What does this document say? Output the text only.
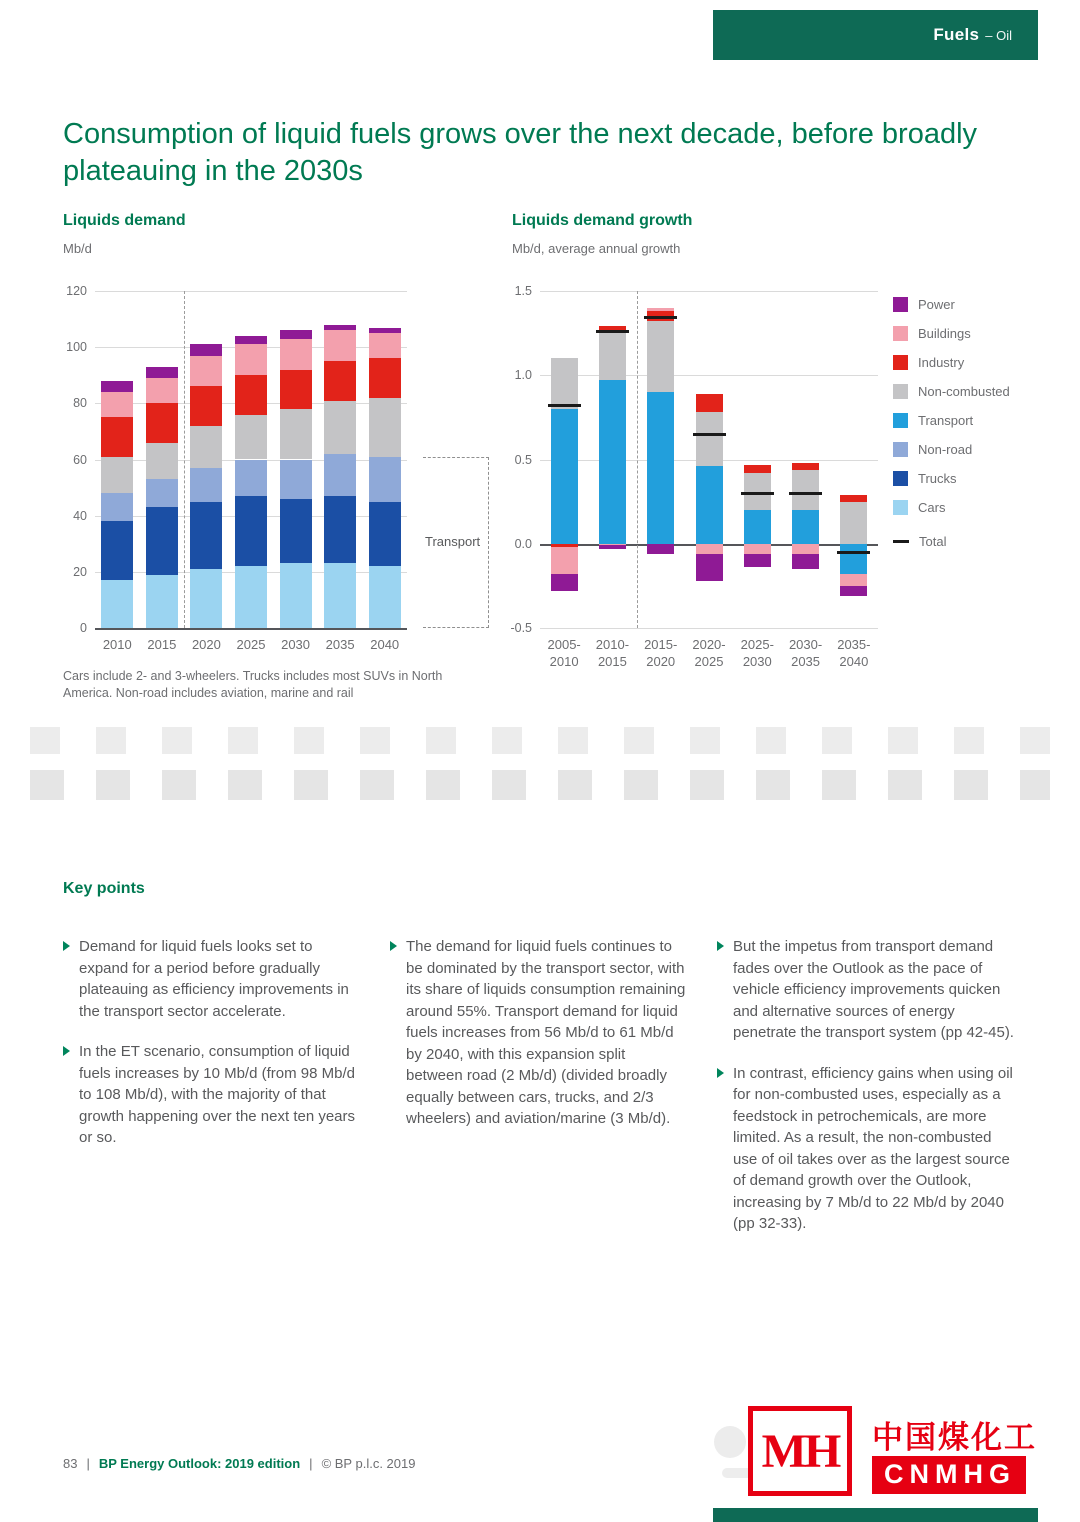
Fuels – Oil
Consumption of liquid fuels grows over the next decade, before broadly plateauing in the 2030s
Liquids demand
Mb/d
Liquids demand growth
Mb/d, average annual growth
0
20
40
60
80
100
120
2010	2015	2020	2025	2030	2035	2040
Transport
-0.5
0.0
0.5
1.0
1.5
2005-
2010
2010-
2015
2015-
2020
2020-
2025
2025-
2030
2030-
2035
2035-
2040
Power
Buildings
Industry
Non-combusted
Transport
Non-road
Trucks
Cars
Total

Cars include 2- and 3-wheelers. Trucks includes most SUVs in North America. Non-road includes aviation, marine and rail

Key points
Demand for liquid fuels looks set to expand for a period before gradually plateauing as efficiency improvements in the transport sector accelerate.
In the ET scenario, consumption of liquid fuels increases by 10 Mb/d (from 98 Mb/d to 108 Mb/d), with the majority of that growth happening over the next ten years or so.
The demand for liquid fuels continues to be dominated by the transport sector, with its share of liquids consumption remaining around 55%. Transport demand for liquid fuels increases from 56 Mb/d to 61 Mb/d by 2040, with this expansion split between road (2 Mb/d) (divided broadly equally between cars, trucks, and 2/3 wheelers) and aviation/marine (3 Mb/d).
But the impetus from transport demand fades over the Outlook as the pace of vehicle efficiency improvements quicken and alternative sources of energy penetrate the transport system (pp 42-45).
In contrast, efficiency gains when using oil for non-combusted uses, especially as a feedstock in petrochemicals, are more limited. As a result, the non-combusted use of oil takes over as the largest source of demand growth over the Outlook, increasing by 7 Mb/d to 22 Mb/d by 2040 (pp 32-33).
83 | BP Energy Outlook: 2019 edition | © BP p.l.c. 2019	MH 中国煤化工
CNMHG
